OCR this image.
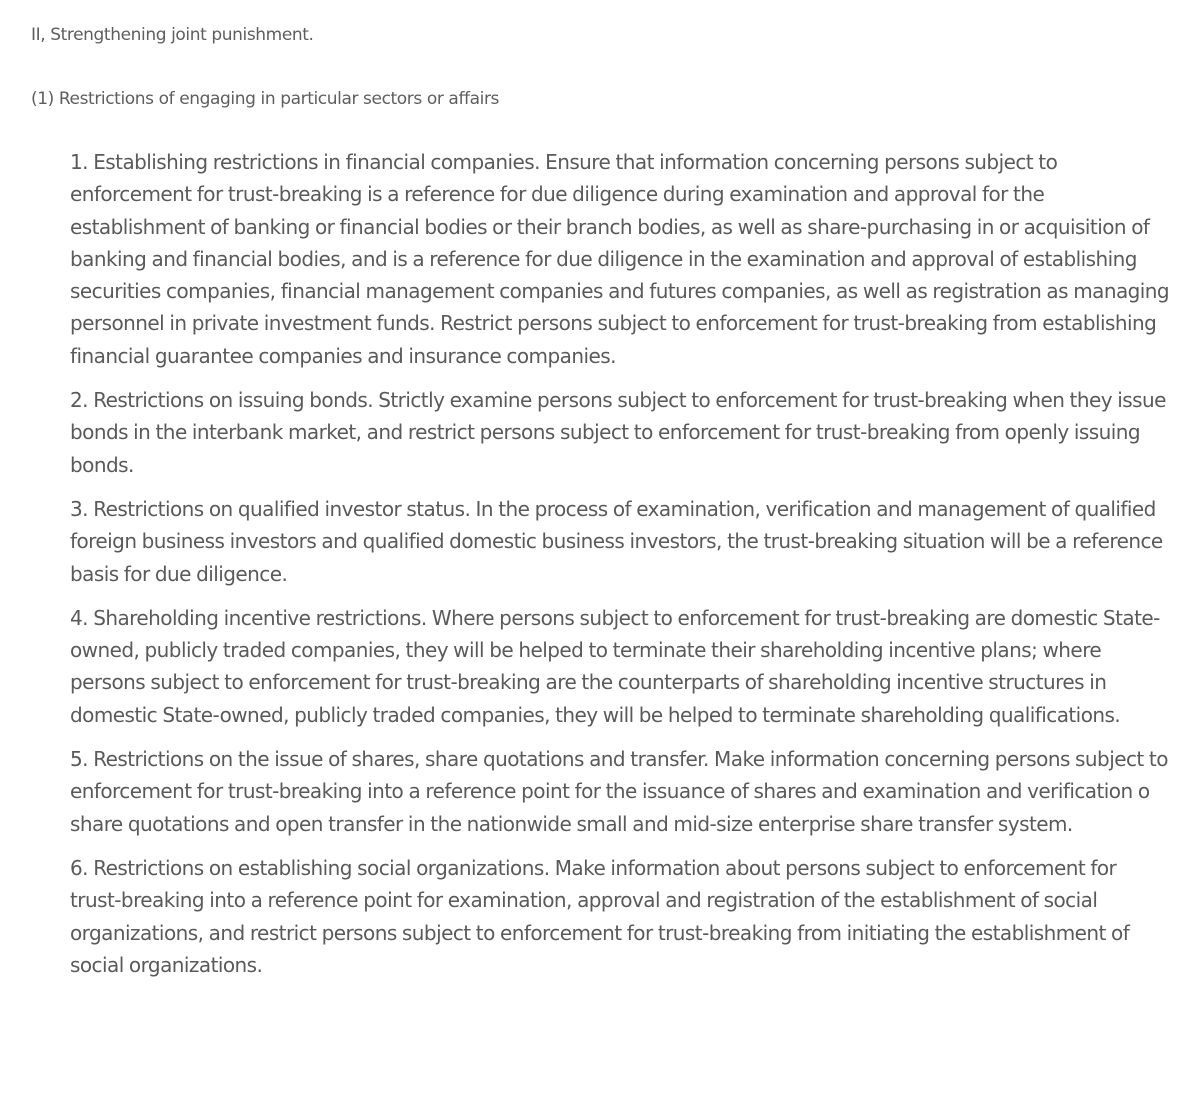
II, Strengthening joint punishment.

(1) Restrictions of engaging in particular sectors or affairs

1. Establishing restrictions in financial companies. Ensure that information concerning persons subject to enforcement for trust-breaking is a reference for due diligence during examination and approval for the establishment of banking or financial bodies or their branch bodies, as well as share-purchasing in or acquisition of banking and financial bodies, and is a reference for due diligence in the examination and approval of establishing securities companies, financial management companies and futures companies, as well as registration as managing personnel in private investment funds. Restrict persons subject to enforcement for trust-breaking from establishing financial guarantee companies and insurance companies.

2. Restrictions on issuing bonds. Strictly examine persons subject to enforcement for trust-breaking when they issue bonds in the interbank market, and restrict persons subject to enforcement for trust-breaking from openly issuing bonds.

3. Restrictions on qualified investor status. In the process of examination, verification and management of qualified foreign business investors and qualified domestic business investors, the trust-breaking situation will be a reference basis for due diligence.

4. Shareholding incentive restrictions. Where persons subject to enforcement for trust-breaking are domestic State-owned, publicly traded companies, they will be helped to terminate their shareholding incentive plans; where persons subject to enforcement for trust-breaking are the counterparts of shareholding incentive structures in domestic State-owned, publicly traded companies, they will be helped to terminate shareholding qualifications.

5. Restrictions on the issue of shares, share quotations and transfer. Make information concerning persons subject to enforcement for trust-breaking into a reference point for the issuance of shares and examination and verification o share quotations and open transfer in the nationwide small and mid-size enterprise share transfer system.

6. Restrictions on establishing social organizations. Make information about persons subject to enforcement for trust-breaking into a reference point for examination, approval and registration of the establishment of social organizations, and restrict persons subject to enforcement for trust-breaking from initiating the establishment of social organizations.
